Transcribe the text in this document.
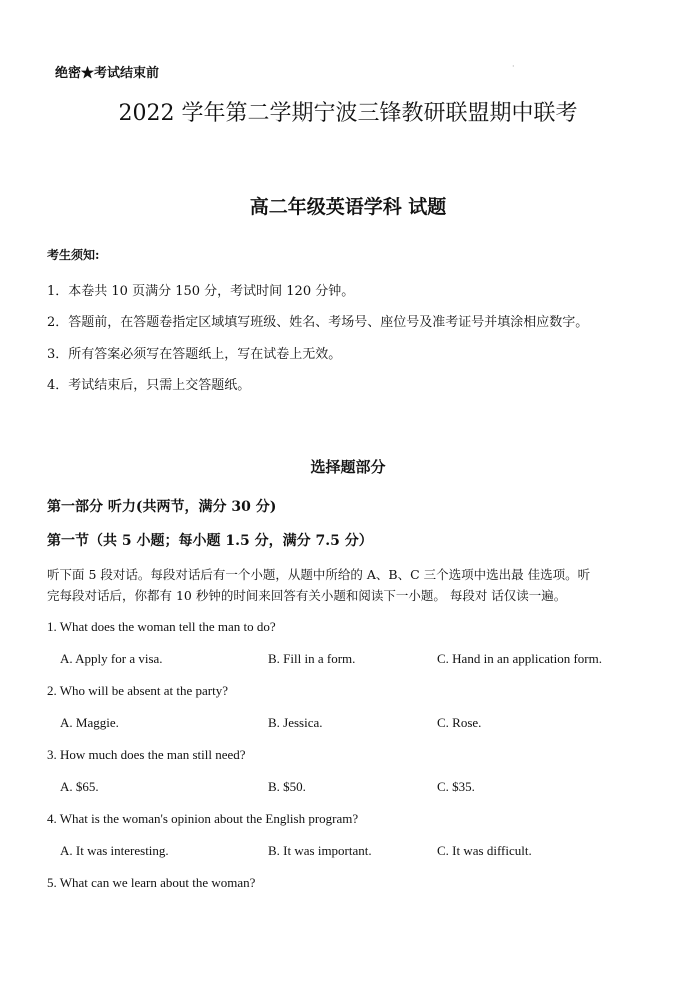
绝密★考试结束前	·
2022 学年第二学期宁波三锋教研联盟期中联考
高二年级英语学科 试题
考生须知:
1．本卷共 10 页满分 150 分，考试时间 120 分钟。
2．答题前，在答题卷指定区域填写班级、姓名、考场号、座位号及准考证号并填涂相应数字。
3．所有答案必须写在答题纸上，写在试卷上无效。
4．考试结束后，只需上交答题纸。
选择题部分
第一部分 听力(共两节，满分 30 分)
第一节（共 5 小题；每小题 1.5 分，满分 7.5 分）
听下面 5 段对话。每段对话后有一个小题，从题中所给的 A、B、C 三个选项中选出最 佳选项。听
完每段对话后，你都有 10 秒钟的时间来回答有关小题和阅读下一小题。 每段对 话仅读一遍。
1. What does the woman tell the man to do?
A. Apply for a visa.	B. Fill in a form.	C. Hand in an application form.
2. Who will be absent at the party?
A. Maggie.	B. Jessica.	C. Rose.
3. How much does the man still need?
A. $65.	B. $50.	C. $35.
4. What is the woman's opinion about the English program?
A. It was interesting.	B. It was important.	C. It was difficult.
5. What can we learn about the woman?
